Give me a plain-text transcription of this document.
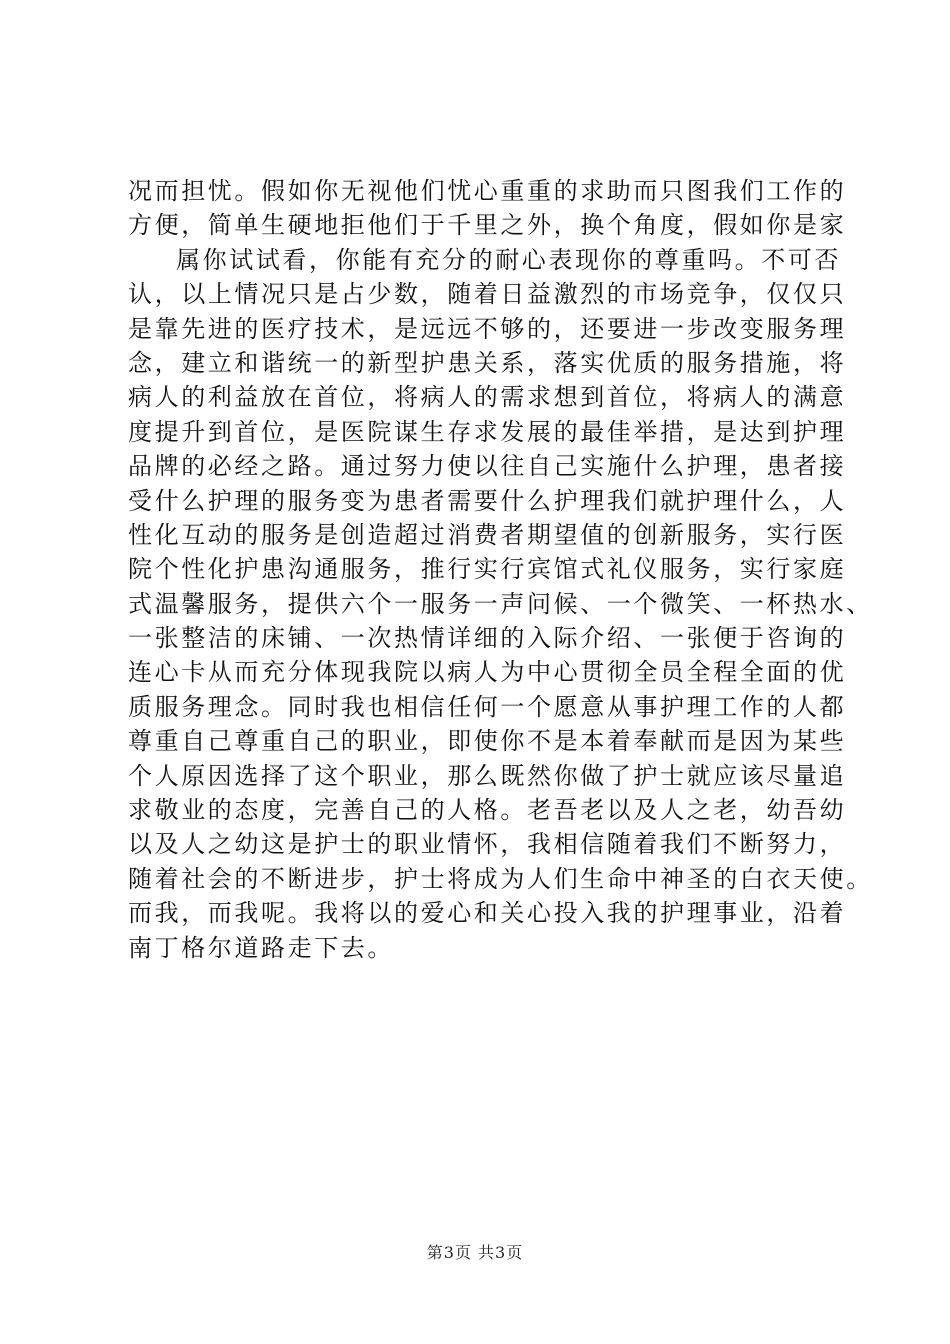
况而担忧。假如你无视他们忧心重重的求助而只图我们工作的
方便，简单生硬地拒他们于千里之外，换个角度，假如你是家
属你试试看，你能有充分的耐心表现你的尊重吗。不可否
认，以上情况只是占少数，随着日益激烈的市场竞争，仅仅只
是靠先进的医疗技术，是远远不够的，还要进一步改变服务理
念，建立和谐统一的新型护患关系，落实优质的服务措施，将
病人的利益放在首位，将病人的需求想到首位，将病人的满意
度提升到首位，是医院谋生存求发展的最佳举措，是达到护理
品牌的必经之路。通过努力使以往自己实施什么护理，患者接
受什么护理的服务变为患者需要什么护理我们就护理什么，人
性化互动的服务是创造超过消费者期望值的创新服务，实行医
院个性化护患沟通服务，推行实行宾馆式礼仪服务，实行家庭
式温馨服务，提供六个一服务一声问候、一个微笑、一杯热水、
一张整洁的床铺、一次热情详细的入际介绍、一张便于咨询的
连心卡从而充分体现我院以病人为中心贯彻全员全程全面的优
质服务理念。同时我也相信任何一个愿意从事护理工作的人都
尊重自己尊重自己的职业，即使你不是本着奉献而是因为某些
个人原因选择了这个职业，那么既然你做了护士就应该尽量追
求敬业的态度，完善自己的人格。老吾老以及人之老，幼吾幼
以及人之幼这是护士的职业情怀，我相信随着我们不断努力，
随着社会的不断进步，护士将成为人们生命中神圣的白衣天使。
而我，而我呢。我将以的爱心和关心投入我的护理事业，沿着
南丁格尔道路走下去。
第3页 共3页
